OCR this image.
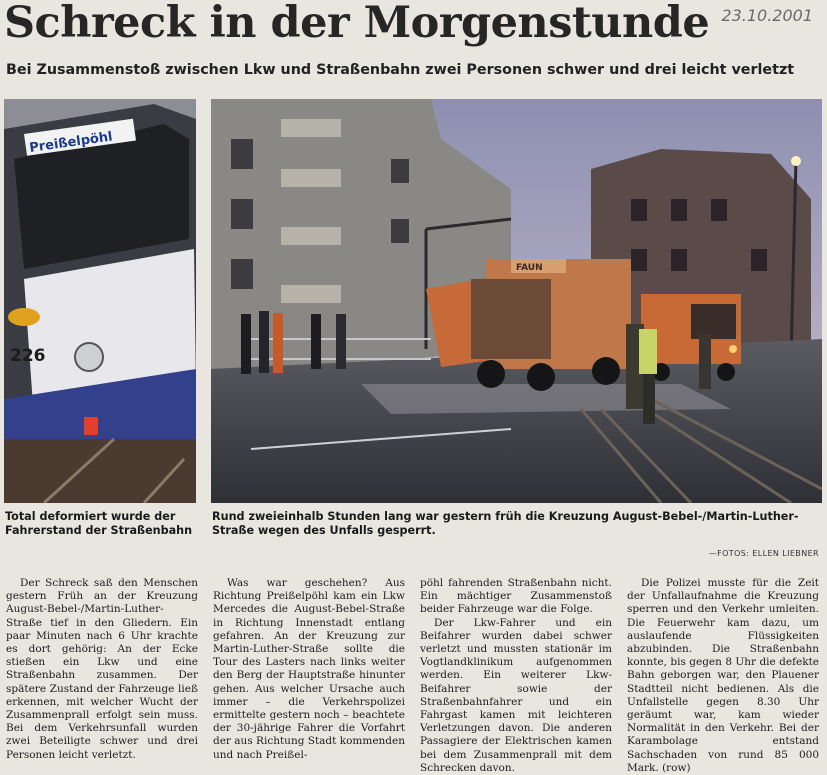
Schreck in der Morgenstunde 23.10.2001
Bei Zusammenstoß zwischen Lkw und Straßenbahn zwei Personen schwer und drei leicht verletzt
Preißelpöhl
226
FAUN
Total deformiert wurde der Fahrerstand der Straßenbahn
Rund zweieinhalb Stunden lang war gestern früh die Kreuzung August-Bebel-/Martin-Luther-Straße wegen des Unfalls gesperrt.
—FOTOS: ELLEN LIEBNER

Der Schreck saß den Menschen gestern Früh an der Kreuzung August-Bebel-/Martin-Luther-Straße tief in den Gliedern. Ein paar Minuten nach 6 Uhr krachte es dort gehörig: An der Ecke stießen ein Lkw und eine Straßenbahn zusammen. Der spätere Zustand der Fahrzeuge ließ erkennen, mit welcher Wucht der Zusammenprall erfolgt sein muss. Bei dem Verkehrsunfall wurden zwei Beteiligte schwer und drei Personen leicht verletzt.

Was war geschehen? Aus Richtung Preißelpöhl kam ein Lkw Mercedes die August-Bebel-Straße in Richtung Innenstadt entlang gefahren. An der Kreuzung zur Martin-Luther-Straße sollte die Tour des Lasters nach links weiter den Berg der Hauptstraße hinunter gehen. Aus welcher Ursache auch immer – die Verkehrspolizei ermittelte gestern noch – beachtete der 30-jährige Fahrer die Vorfahrt der aus Richtung Stadt kommenden und nach Preißel-

pöhl fahrenden Straßenbahn nicht. Ein mächtiger Zusammenstoß beider Fahrzeuge war die Folge.

Der Lkw-Fahrer und ein Beifahrer wurden dabei schwer verletzt und mussten stationär im Vogtlandklinikum aufgenommen werden. Ein weiterer Lkw-Beifahrer sowie der Straßenbahnfahrer und ein Fahrgast kamen mit leichteren Verletzungen davon. Die anderen Passagiere der Elektrischen kamen bei dem Zusammenprall mit dem Schrecken davon.

Die Polizei musste für die Zeit der Unfallaufnahme die Kreuzung sperren und den Verkehr umleiten. Die Feuerwehr kam dazu, um auslaufende Flüssigkeiten abzubinden. Die Straßenbahn konnte, bis gegen 8 Uhr die defekte Bahn geborgen war, den Plauener Stadtteil nicht bedienen. Als die Unfallstelle gegen 8.30 Uhr geräumt war, kam wieder Normalität in den Verkehr. Bei der Karambolage entstand Sachschaden von rund 85 000 Mark. (row)
